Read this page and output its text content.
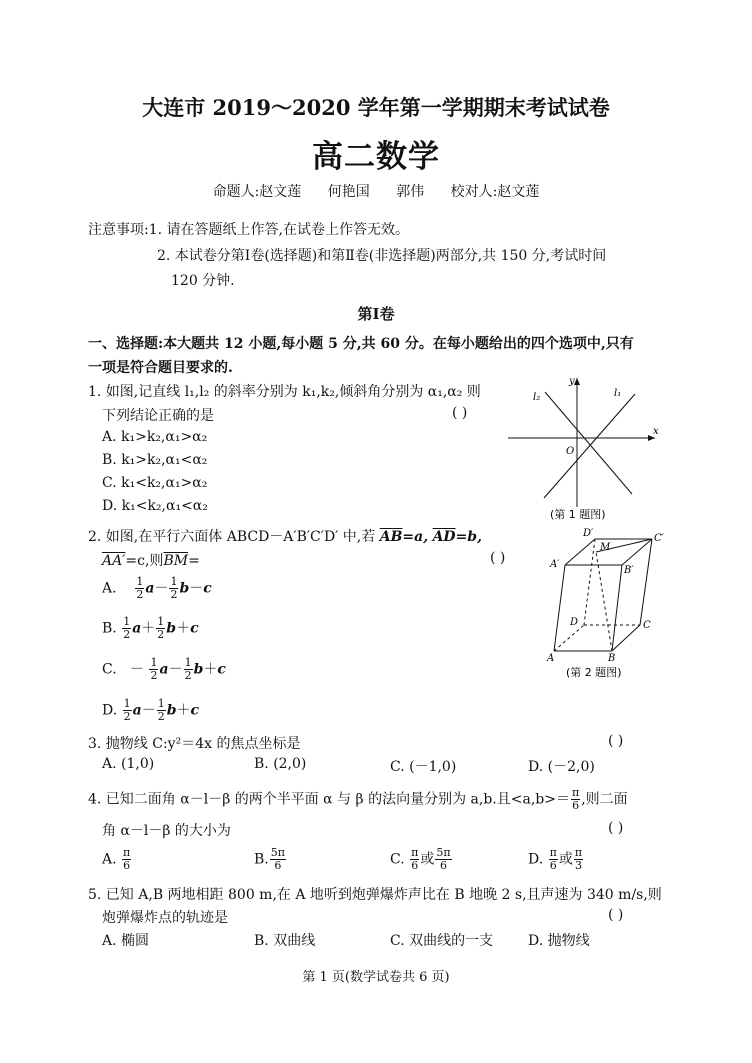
大连市 2019～2020 学年第一学期期末考试试卷
高二数学
命题人:赵文莲 何艳国 郭伟 校对人:赵文莲
注意事项:1. 请在答题纸上作答,在试卷上作答无效。
2. 本试卷分第Ⅰ卷(选择题)和第Ⅱ卷(非选择题)两部分,共 150 分,考试时间
120 分钟.
第Ⅰ卷
一、选择题:本大题共 12 小题,每小题 5 分,共 60 分。在每小题给出的四个选项中,只有
一项是符合题目要求的.
1. 如图,记直线 l₁,l₂ 的斜率分别为 k₁,k₂,倾斜角分别为 α₁,α₂ 则
下列结论正确的是	( )
A. k₁>k₂,α₁>α₂
B. k₁>k₂,α₁<α₂
C. k₁<k₂,α₁>α₂
D. k₁<k₂,α₁<α₂
y
x
O
l₂	l₁
(第 1 题图)
2. 如图,在平行六面体 ABCD－A′B′C′D′ 中,若 $\overline{AB}=a$, $\overline{AD}=b$,
AA′=c,则$\overline{BM}=$	( )
A. $\frac{1}{2} a- \frac{1}{2} b-c$
B. $\frac{1}{2} a+ \frac{1}{2} b+c$
C. － $\frac{1}{2} a- \frac{1}{2} b+c$
D. $\frac{1}{2} a- \frac{1}{2} b+c$
D′
M
C′
A′
B′
D	C
A	B
(第 2 题图)
3. 抛物线 C:y²＝4x 的焦点坐标是	( )
A. (1,0)	B. (2,0)	C. (－1,0)	D. (－2,0)
4. 已知二面角 α－l－β 的两个半平面 α 与 β 的法向量分别为 a,b.且$<a,b>= \frac{\pi}{6}$ ,则二面
角 α－l－β 的大小为	( )
A. $\frac{\pi}{6}$	B. $\frac{5\pi}{6}$	C. $\frac{\pi}{6}$ 或 $\frac{5\pi}{6}$	D. $\frac{\pi}{6}$ 或 $\frac{\pi}{3}$
5. 已知 A,B 两地相距 800 m,在 A 地听到炮弹爆炸声比在 B 地晚 2 s,且声速为 340 m/s,则
炮弹爆炸点的轨迹是	( )
A. 椭圆	B. 双曲线	C. 双曲线的一支 D. 抛物线
第 1 页(数学试卷共 6 页)
